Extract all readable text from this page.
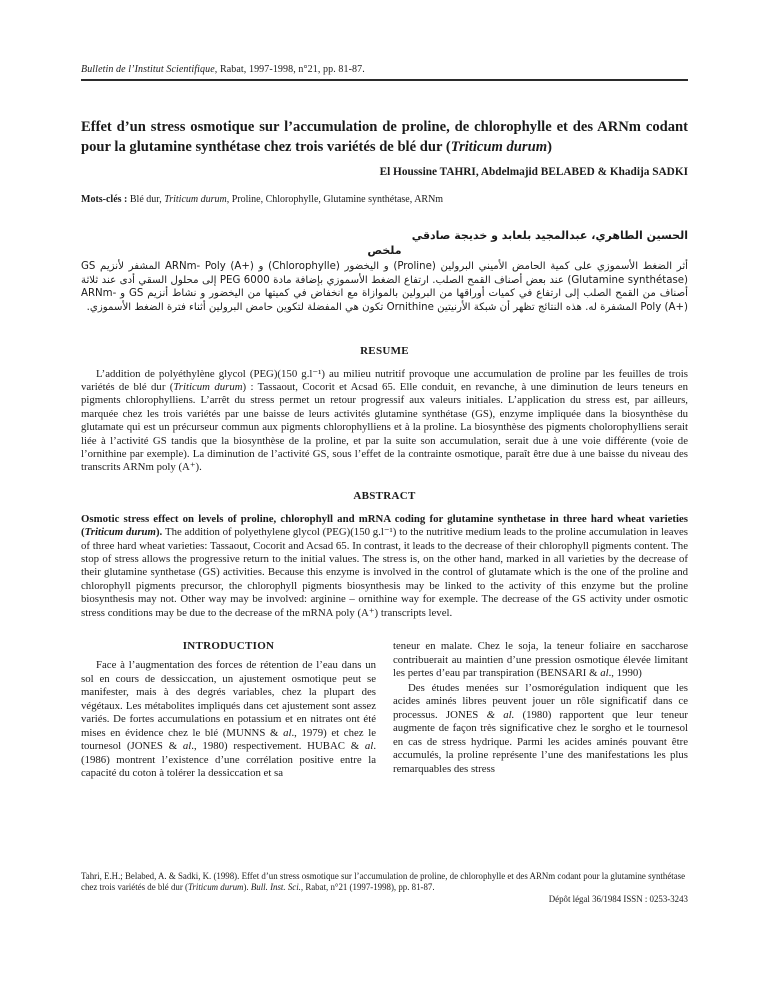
Bulletin de l’Institut Scientifique, Rabat, 1997-1998, n°21, pp. 81-87.
Effet d’un stress osmotique sur l’accumulation de proline, de chlorophylle et des ARNm codant pour la glutamine synthétase chez trois variétés de blé dur (Triticum durum)
El Houssine TAHRI, Abdelmajid BELABED & Khadija SADKI
Mots-clés : Blé dur, Triticum durum, Proline, Chlorophylle, Glutamine synthétase, ARNm
الحسين الطاهري، عبدالمجيد بلعابد و خديجة صادقي
ملخص
أثر الضغط الأسموزي على كمية الحامض الأميني البرولين (Proline) و اليخضور (Chlorophylle) و ARNm- Poly (A+) المشفر لأنزيم GS (Glutamine synthétase) عند بعض أصناف القمح الصلب. ارتفاع الضغط الأسموزي بإضافة مادة PEG 6000 إلى محلول السقي أدى عند ثلاثة أصناف من القمح الصلب إلى ارتفاع في كميات أوراقها من البرولين بالموازاة مع انخفاض في كميتها من اليخضور و نشاط أنزيم GS و ARNm- Poly (A+) المشفرة له. هذه النتائج تظهر أن شبكة الأرنيتين Ornithine تكون هي المفضلة لتكوين حامض البرولين أثناء فترة الضغط الأسموزي.
RESUME
L’addition de polyéthylène glycol (PEG)(150 g.l⁻¹) au milieu nutritif provoque une accumulation de proline par les feuilles de trois variétés de blé dur (Triticum durum) : Tassaout, Cocorit et Acsad 65. Elle conduit, en revanche, à une diminution de leurs teneurs en pigments chlorophylliens. L’arrêt du stress permet un retour progressif aux valeurs initiales. L’application du stress est, par ailleurs, marquée chez les trois variétés par une baisse de leurs activités glutamine synthétase (GS), enzyme impliquée dans la biosynthèse du glutamate qui est un précurseur commun aux pigments chlorophylliens et à la proline. La biosynthèse des pigments cholorophylliens serait liée à l’activité GS tandis que la biosynthèse de la proline, et par la suite son accumulation, serait due à une voie différente (voie de l’ornithine par exemple). La diminution de l’activité GS, sous l’effet de la contrainte osmotique, paraît être due à une baisse du niveau des transcrits ARNm poly (A⁺).
ABSTRACT
Osmotic stress effect on levels of proline, chlorophyll and mRNA coding for glutamine synthetase in three hard wheat varieties (Triticum durum). The addition of polyethylene glycol (PEG)(150 g.l⁻¹) to the nutritive medium leads to the proline accumulation in leaves of three hard wheat varieties: Tassaout, Cocorit and Acsad 65. In contrast, it leads to the decrease of their chlorophyll pigments content. The stop of stress allows the progressive return to the initial values. The stress is, on the other hand, marked in all varieties by the decrease of their glutamine synthetase (GS) activities. Because this enzyme is involved in the control of glutamate which is the one of the proline and chlorophyll pigments precursor, the chlorophyll pigments biosynthesis may be linked to the activity of this enzyme but the proline biosynthesis may not. Other way may be involved: arginine – ornithine way for exemple. The decrease of the GS activity under osmotic stress conditions may be due to the decrease of the mRNA poly (A⁺) transcripts level.
INTRODUCTION

Face à l’augmentation des forces de rétention de l’eau dans un sol en cours de dessiccation, un ajustement osmotique peut se manifester, mais à des degrés variables, chez la plupart des végétaux. Les métabolites impliqués dans cet ajustement sont assez variés. De fortes accumulations en potassium et en nitrates ont été mises en évidence chez le blé (MUNNS & al., 1979) et chez le tournesol (JONES & al., 1980) respectivement. HUBAC & al. (1986) montrent l’existence d’une corrélation positive entre la capacité du coton à tolérer la dessiccation et sa

teneur en malate. Chez le soja, la teneur foliaire en saccharose contribuerait au maintien d’une pression osmotique élevée limitant les pertes d’eau par transpiration (BENSARI & al., 1990)

Des études menées sur l’osmorégulation indiquent que les acides aminés libres peuvent jouer un rôle significatif dans ce processus. JONES & al. (1980) rapportent que leur teneur augmente de façon très significative chez le sorgho et le tournesol en cas de stress hydrique. Parmi les acides aminés pouvant être accumulés, la proline représente l’une des manifestations les plus remarquables des stress

Tahri, E.H.; Belabed, A. & Sadki, K. (1998). Effet d’un stress osmotique sur l’accumulation de proline, de chlorophylle et des ARNm codant pour la glutamine synthétase chez trois variétés de blé dur (Triticum durum). Bull. Inst. Sci., Rabat, n°21 (1997-1998), pp. 81-87.
Dépôt légal 36/1984 ISSN : 0253-3243
